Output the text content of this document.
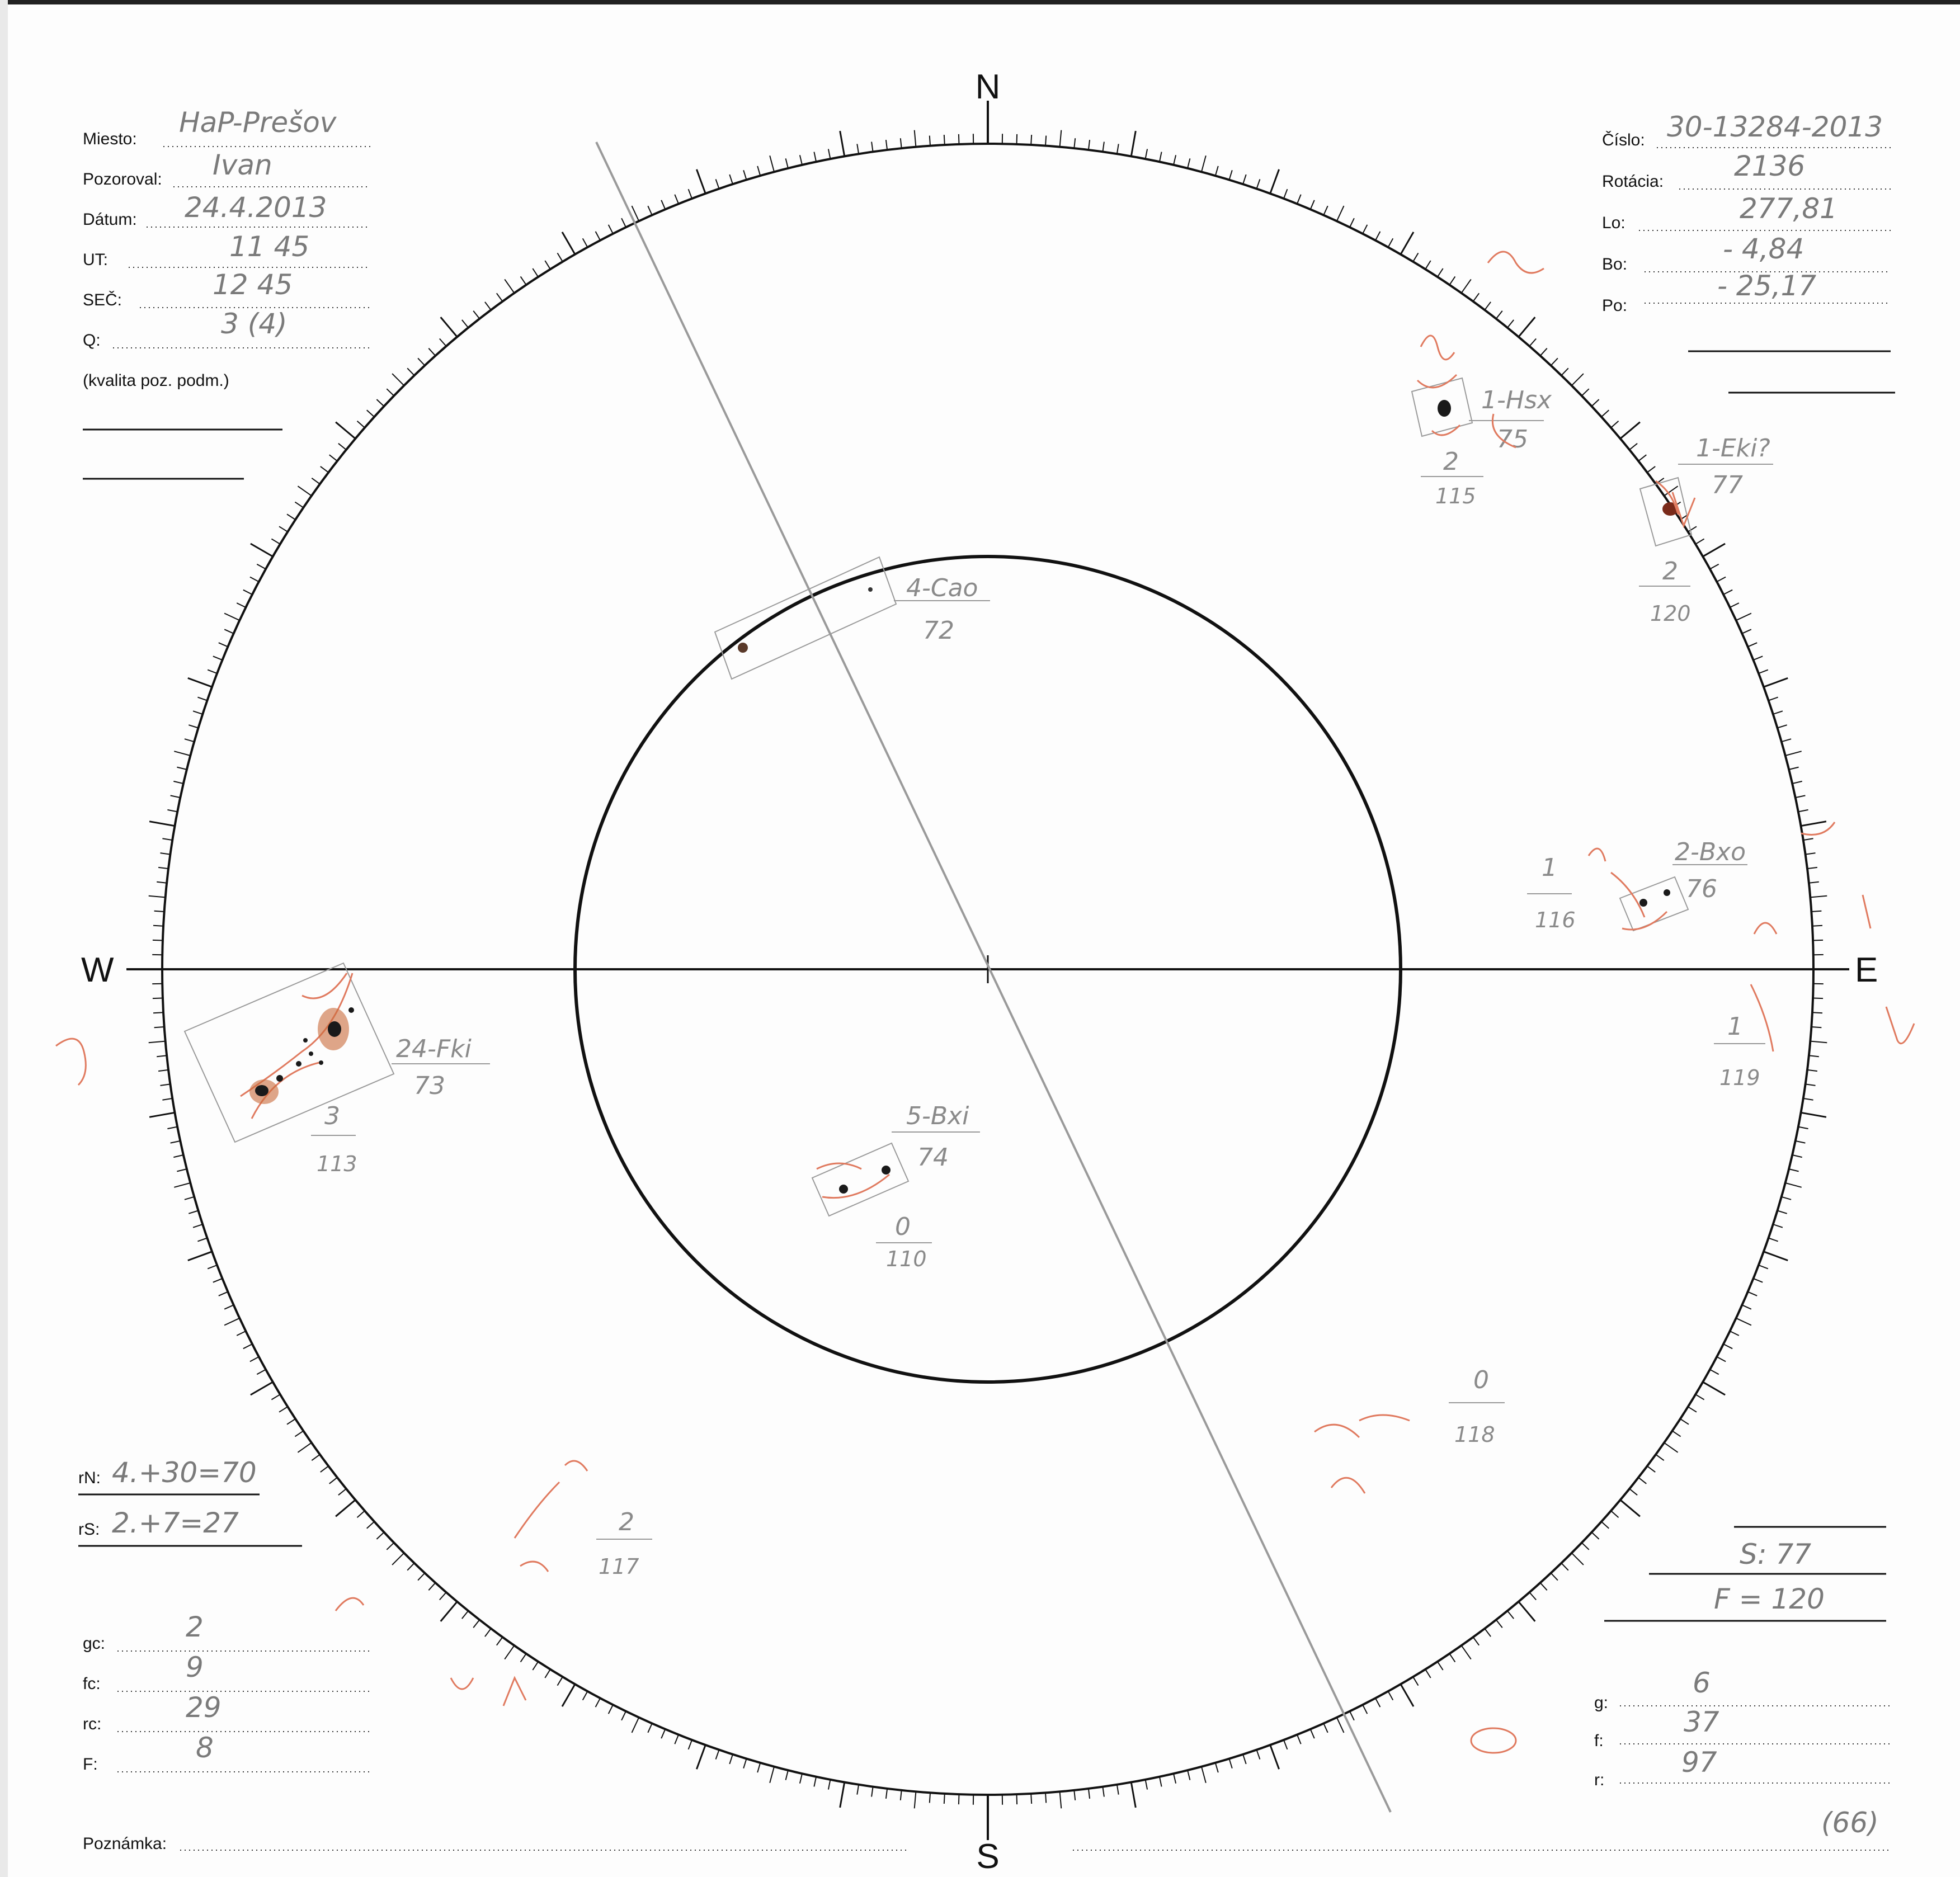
Miesto:
HaP-Prešov
Pozoroval: Ivan
Dátum: 24.4.2013
UT:	11 45
SEČ:	12 45
Q:
3 (4)
(kvalita poz. podm.)
Číslo: 30-13284-2013
Rotácia:	2136
Lo:	277,81
Bo:	- 4,84
Po:
- 25,17
N
S
W	E
4-Cao
72
1-Hsx
75	1-Eki?
77
2-Bxo
76
24-Fki
73
5-Bxi
74
2
115
2
120
1
116
1
119
3
113
0
110
0
118
2
117
rN: 4.+30=70
rS: 2.+7=27
gc:
2
fc:
9
rc:
29
F:
8
S: 77
F = 120
g:
6
f:
37
r:
97
Poznámka:
(66)
